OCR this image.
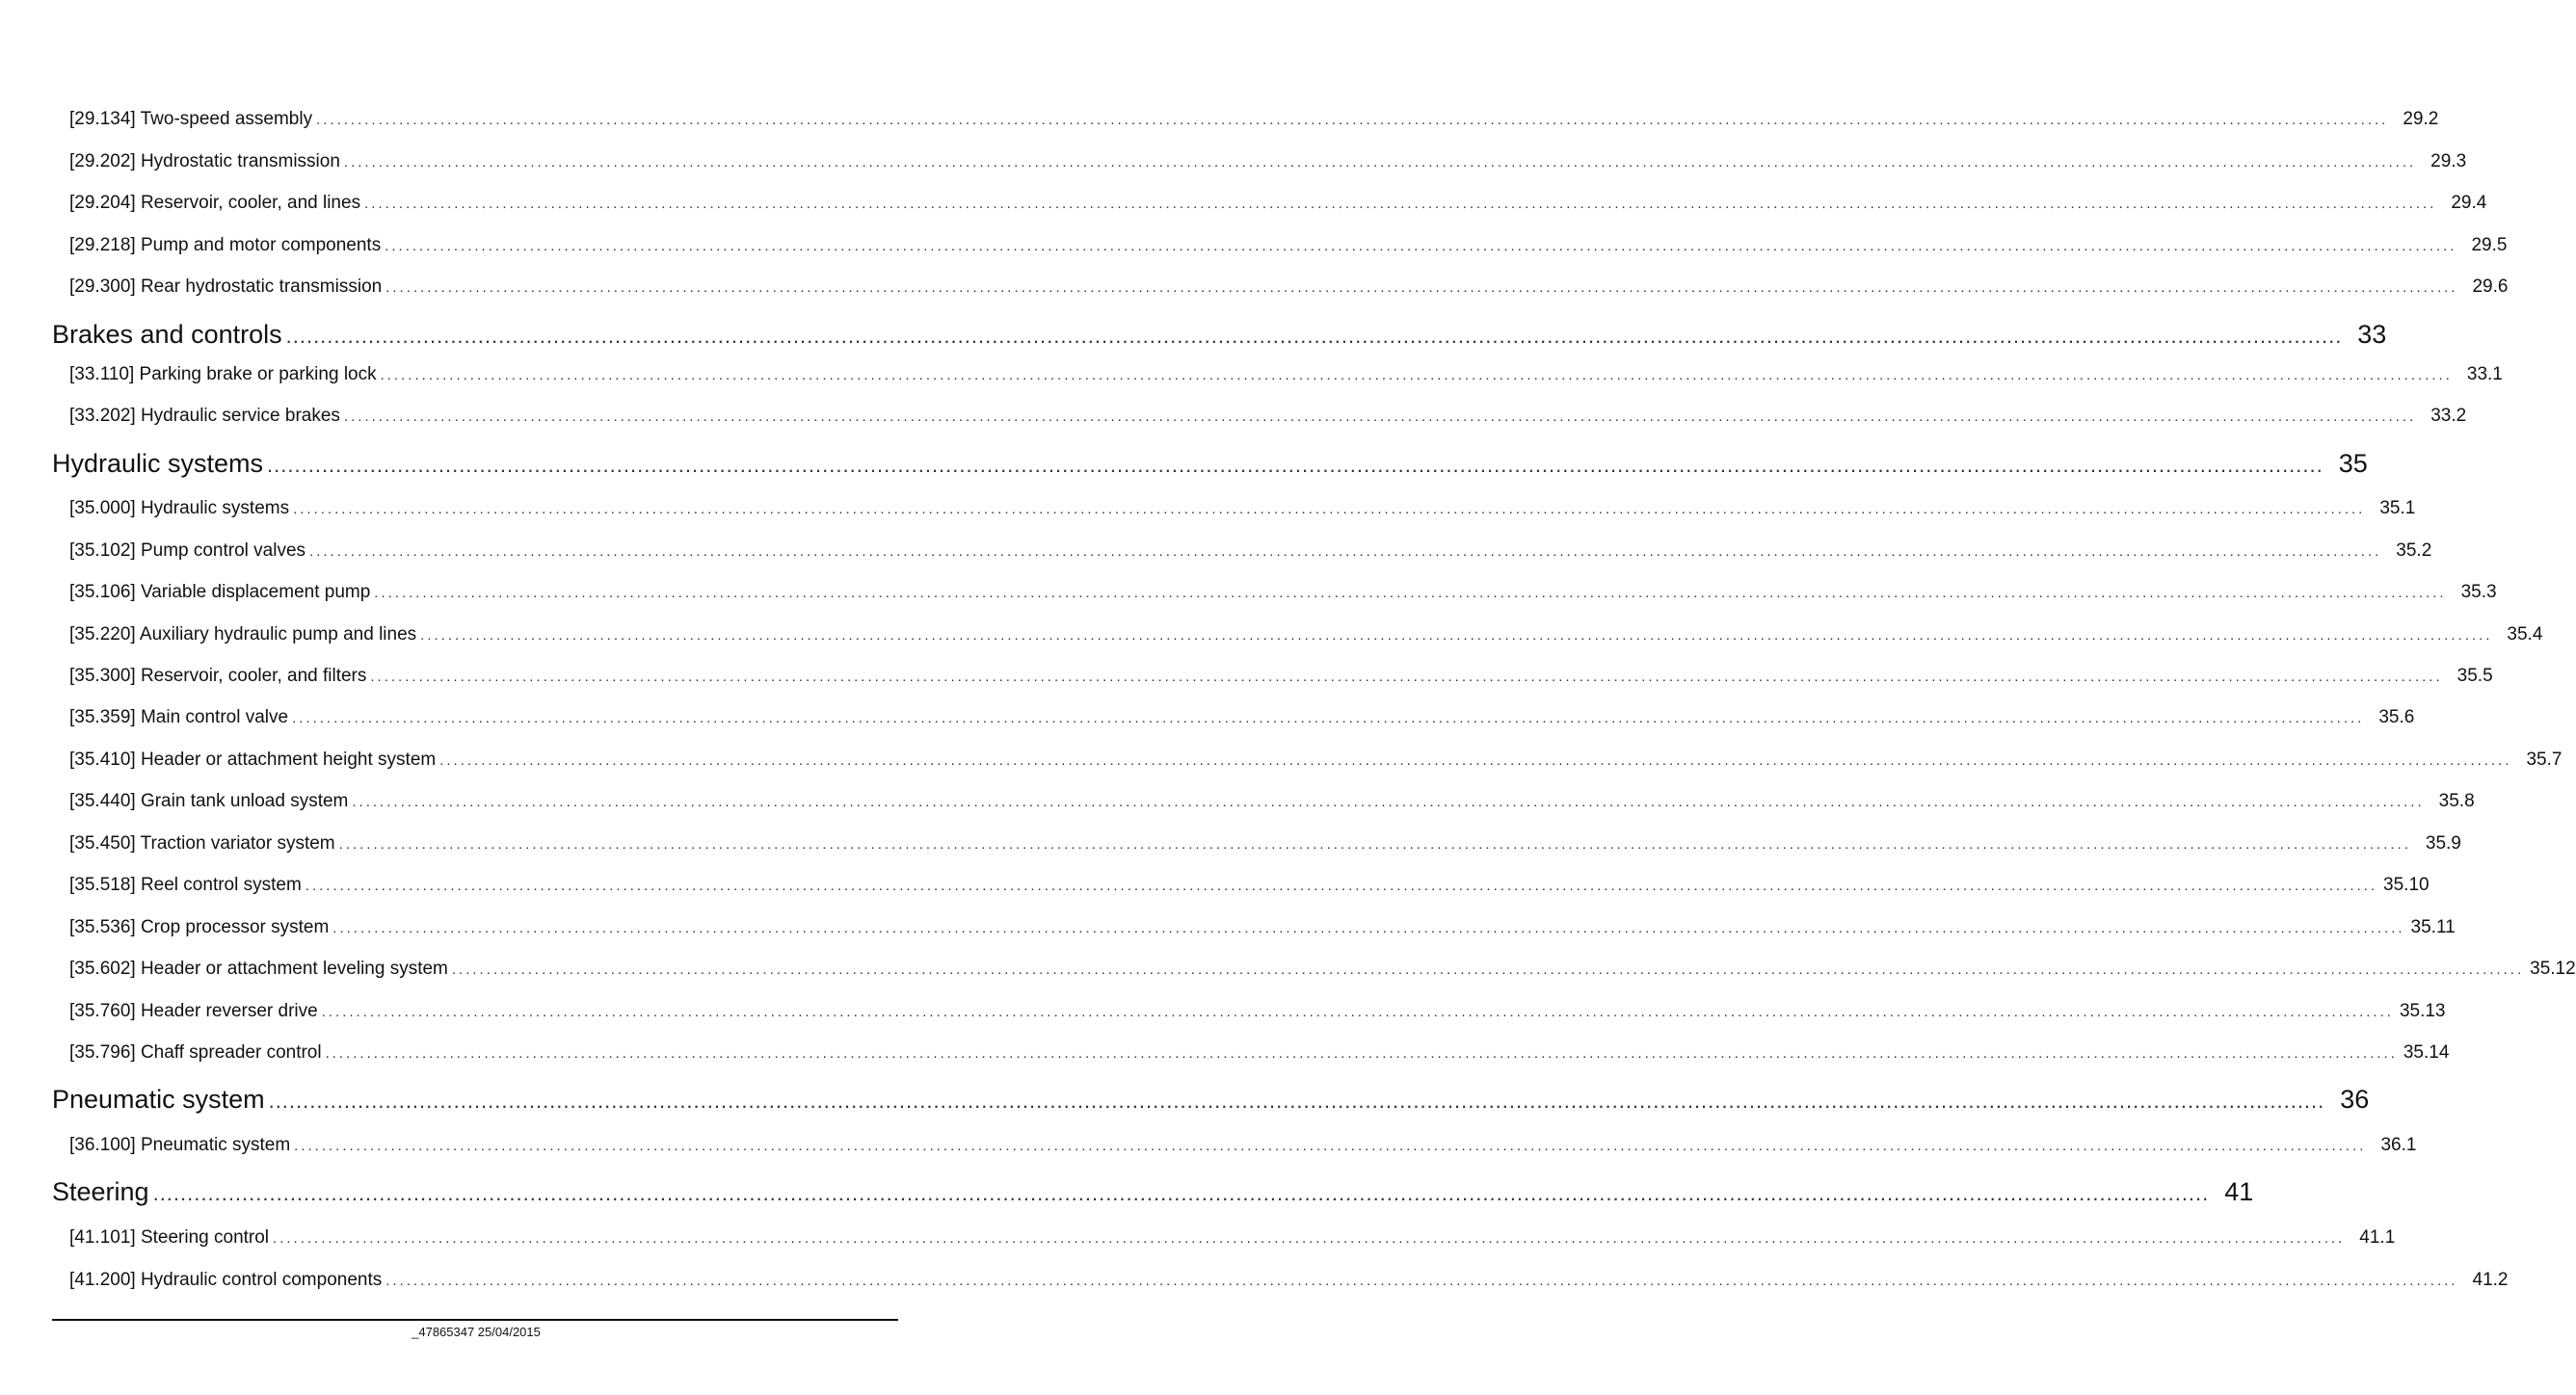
[29.134] Two-speed assembly ............................................................................................................................................................................................................................................................................................................ 29.2
[29.202] Hydrostatic transmission ............................................................................................................................................................................................................................................................................................................ 29.3
[29.204] Reservoir, cooler, and lines ............................................................................................................................................................................................................................................................................................................ 29.4
[29.218] Pump and motor components ............................................................................................................................................................................................................................................................................................................ 29.5
[29.300] Rear hydrostatic transmission ............................................................................................................................................................................................................................................................................................................ 29.6
Brakes and controls ............................................................................................................................................................................................................................................................................................................ 33
[33.110] Parking brake or parking lock ............................................................................................................................................................................................................................................................................................................ 33.1
[33.202] Hydraulic service brakes ............................................................................................................................................................................................................................................................................................................ 33.2
Hydraulic systems ............................................................................................................................................................................................................................................................................................................ 35
[35.000] Hydraulic systems ............................................................................................................................................................................................................................................................................................................ 35.1
[35.102] Pump control valves ............................................................................................................................................................................................................................................................................................................ 35.2
[35.106] Variable displacement pump ............................................................................................................................................................................................................................................................................................................ 35.3
[35.220] Auxiliary hydraulic pump and lines ............................................................................................................................................................................................................................................................................................................ 35.4
[35.300] Reservoir, cooler, and filters ............................................................................................................................................................................................................................................................................................................ 35.5
[35.359] Main control valve ............................................................................................................................................................................................................................................................................................................ 35.6
[35.410] Header or attachment height system ............................................................................................................................................................................................................................................................................................................ 35.7
[35.440] Grain tank unload system ............................................................................................................................................................................................................................................................................................................ 35.8
[35.450] Traction variator system ............................................................................................................................................................................................................................................................................................................ 35.9
[35.518] Reel control system ............................................................................................................................................................................................................................................................................................................ 35.10
[35.536] Crop processor system ............................................................................................................................................................................................................................................................................................................ 35.11
[35.602] Header or attachment leveling system ............................................................................................................................................................................................................................................................................................................ 35.12
[35.760] Header reverser drive ............................................................................................................................................................................................................................................................................................................ 35.13
[35.796] Chaff spreader control ............................................................................................................................................................................................................................................................................................................ 35.14
Pneumatic system ............................................................................................................................................................................................................................................................................................................ 36
[36.100] Pneumatic system ............................................................................................................................................................................................................................................................................................................ 36.1
Steering ............................................................................................................................................................................................................................................................................................................ 41
[41.101] Steering control ............................................................................................................................................................................................................................................................................................................ 41.1
[41.200] Hydraulic control components ............................................................................................................................................................................................................................................................................................................ 41.2
_47865347 25/04/2015
